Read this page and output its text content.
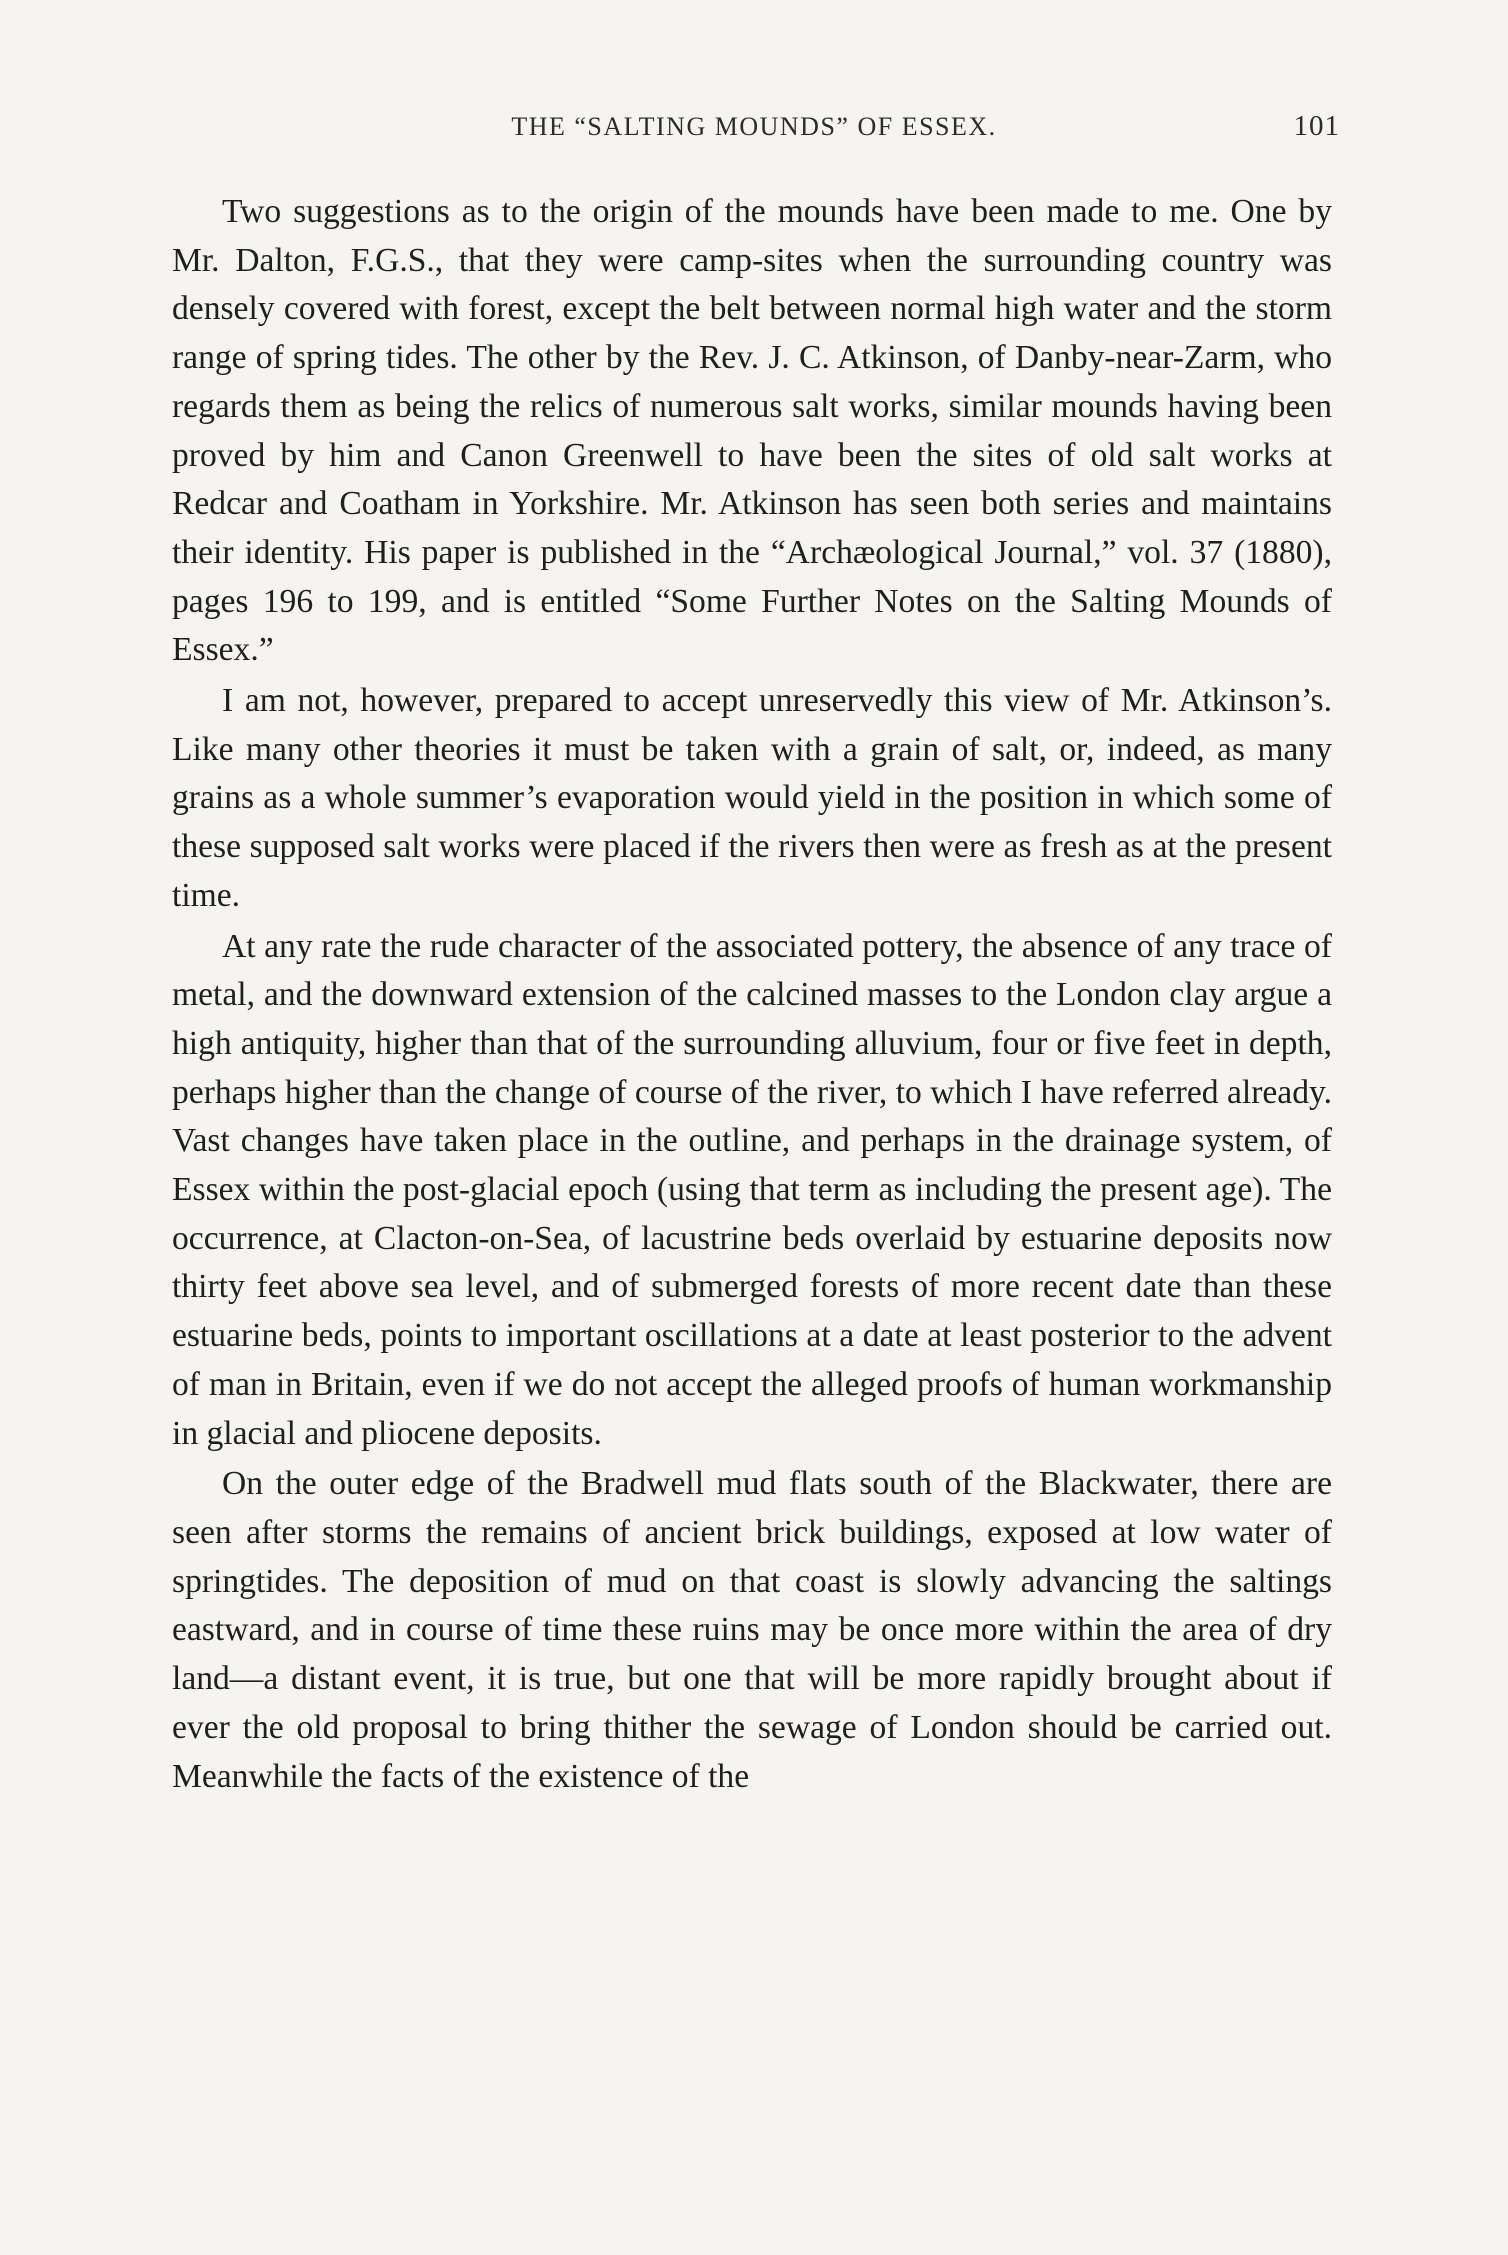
THE “SALTING MOUNDS” OF ESSEX.	101

Two suggestions as to the origin of the mounds have been made to me. One by Mr. Dalton, F.G.S., that they were camp-sites when the surrounding country was densely covered with forest, except the belt between normal high water and the storm range of spring tides. The other by the Rev. J. C. Atkinson, of Danby-near-Zarm, who regards them as being the relics of numerous salt works, similar mounds having been proved by him and Canon Greenwell to have been the sites of old salt works at Redcar and Coatham in Yorkshire. Mr. Atkinson has seen both series and maintains their identity. His paper is published in the “Archæological Journal,” vol. 37 (1880), pages 196 to 199, and is entitled “Some Further Notes on the Salting Mounds of Essex.”

I am not, however, prepared to accept unreservedly this view of Mr. Atkinson’s. Like many other theories it must be taken with a grain of salt, or, indeed, as many grains as a whole summer’s evaporation would yield in the position in which some of these supposed salt works were placed if the rivers then were as fresh as at the present time.

At any rate the rude character of the associated pottery, the absence of any trace of metal, and the downward extension of the calcined masses to the London clay argue a high antiquity, higher than that of the surrounding alluvium, four or five feet in depth, perhaps higher than the change of course of the river, to which I have referred already. Vast changes have taken place in the outline, and perhaps in the drainage system, of Essex within the post-glacial epoch (using that term as including the present age). The occurrence, at Clacton-on-Sea, of lacustrine beds overlaid by estuarine deposits now thirty feet above sea level, and of submerged forests of more recent date than these estuarine beds, points to important oscillations at a date at least posterior to the advent of man in Britain, even if we do not accept the alleged proofs of human workmanship in glacial and pliocene deposits.

On the outer edge of the Bradwell mud flats south of the Blackwater, there are seen after storms the remains of ancient brick buildings, exposed at low water of springtides. The deposition of mud on that coast is slowly advancing the saltings eastward, and in course of time these ruins may be once more within the area of dry land—a distant event, it is true, but one that will be more rapidly brought about if ever the old proposal to bring thither the sewage of London should be carried out. Meanwhile the facts of the existence of the
